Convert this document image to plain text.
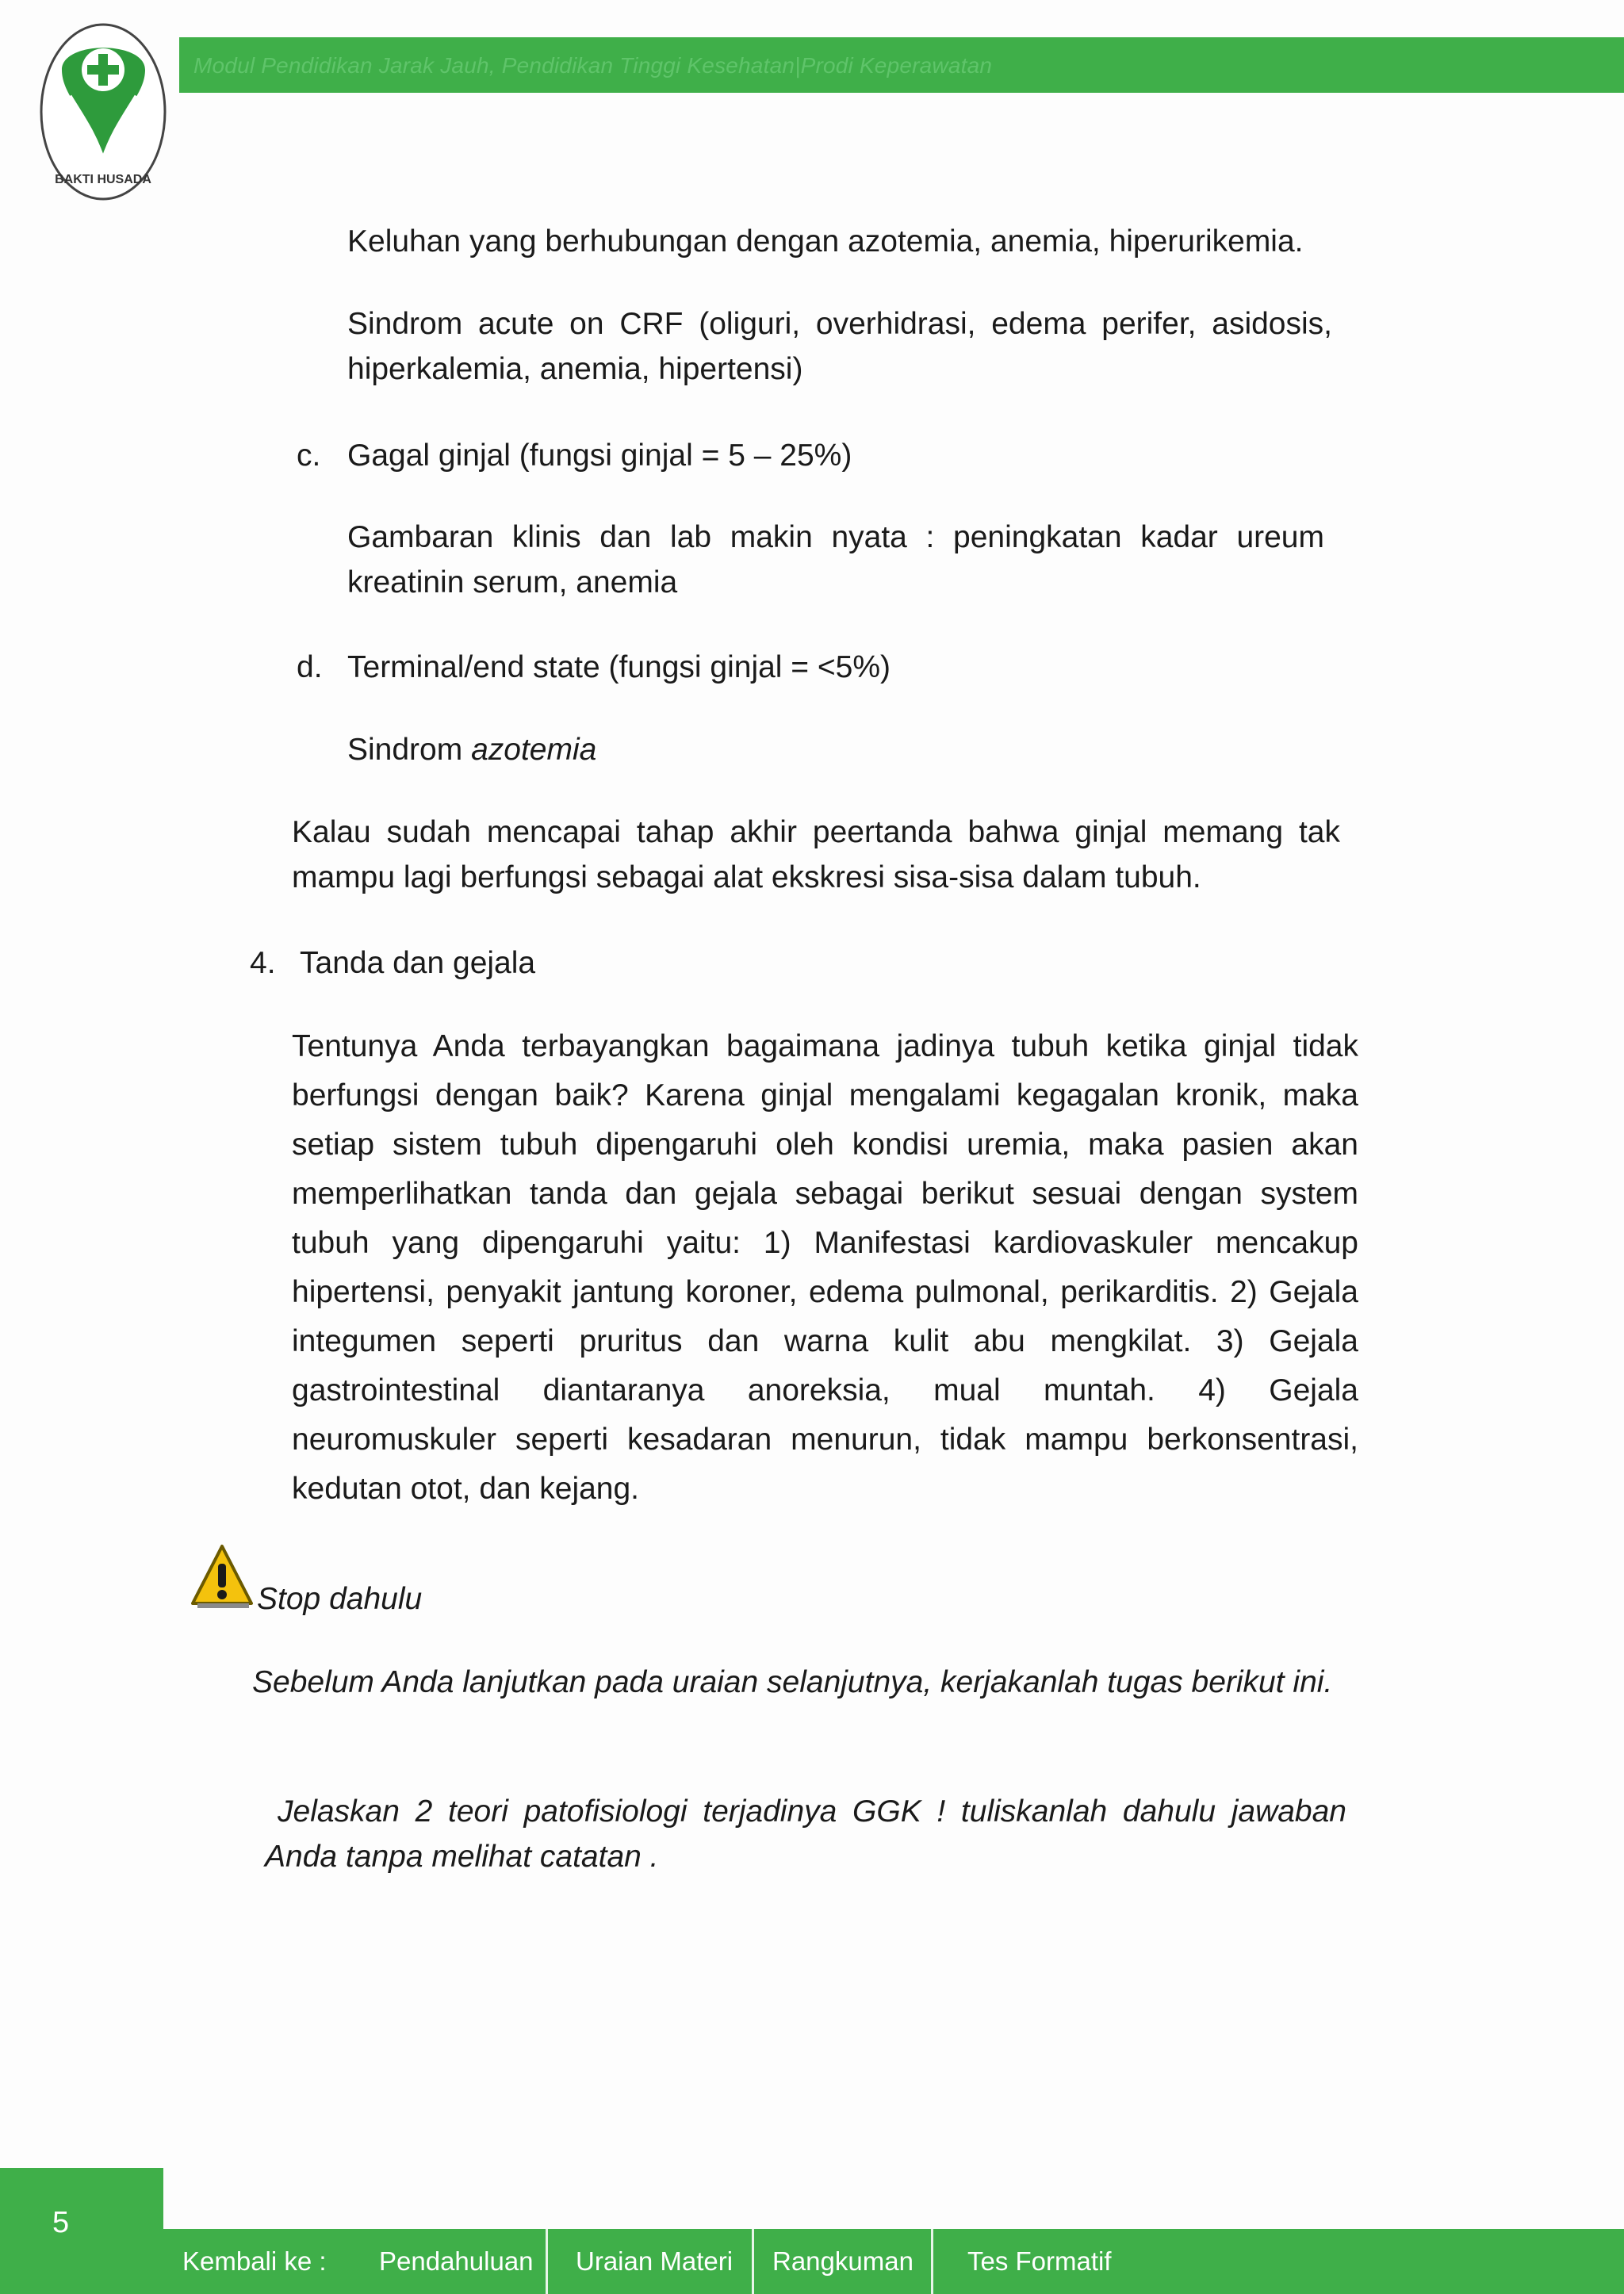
BAKTI HUSADA
Modul Pendidikan Jarak Jauh, Pendidikan Tinggi Kesehatan|Prodi Keperawatan

Keluhan yang berhubungan dengan azotemia, anemia, hiperurikemia.

Sindrom acute on CRF (oliguri, overhidrasi, edema perifer, asidosis, hiperkalemia, anemia, hipertensi)

c. Gagal ginjal (fungsi ginjal = 5 – 25%)

Gambaran klinis dan lab makin nyata : peningkatan kadar ureum kreatinin serum, anemia

d. Terminal/end state (fungsi ginjal = <5%)

Sindrom azotemia

Kalau sudah mencapai tahap akhir peertanda bahwa ginjal memang tak mampu lagi berfungsi sebagai alat ekskresi sisa-sisa dalam tubuh.

4. Tanda dan gejala

Tentunya Anda terbayangkan bagaimana jadinya tubuh ketika ginjal tidak berfungsi dengan baik? Karena ginjal mengalami kegagalan kronik, maka setiap sistem tubuh dipengaruhi oleh kondisi uremia, maka pasien akan memperlihatkan tanda dan gejala sebagai berikut sesuai dengan system tubuh yang dipengaruhi yaitu: 1) Manifestasi kardiovaskuler mencakup hipertensi, penyakit jantung koroner, edema pulmonal, perikarditis. 2) Gejala integumen seperti pruritus dan warna kulit abu mengkilat. 3) Gejala gastrointestinal diantaranya anoreksia, mual muntah. 4) Gejala neuromuskuler seperti kesadaran menurun, tidak mampu berkonsentrasi, kedutan otot, dan kejang.

Stop dahulu

Sebelum Anda lanjutkan pada uraian selanjutnya, kerjakanlah tugas berikut ini.

Jelaskan 2 teori patofisiologi terjadinya GGK ! tuliskanlah dahulu jawaban Anda tanpa melihat catatan .

5
Kembali ke : Pendahuluan Uraian Materi Rangkuman Tes Formatif
